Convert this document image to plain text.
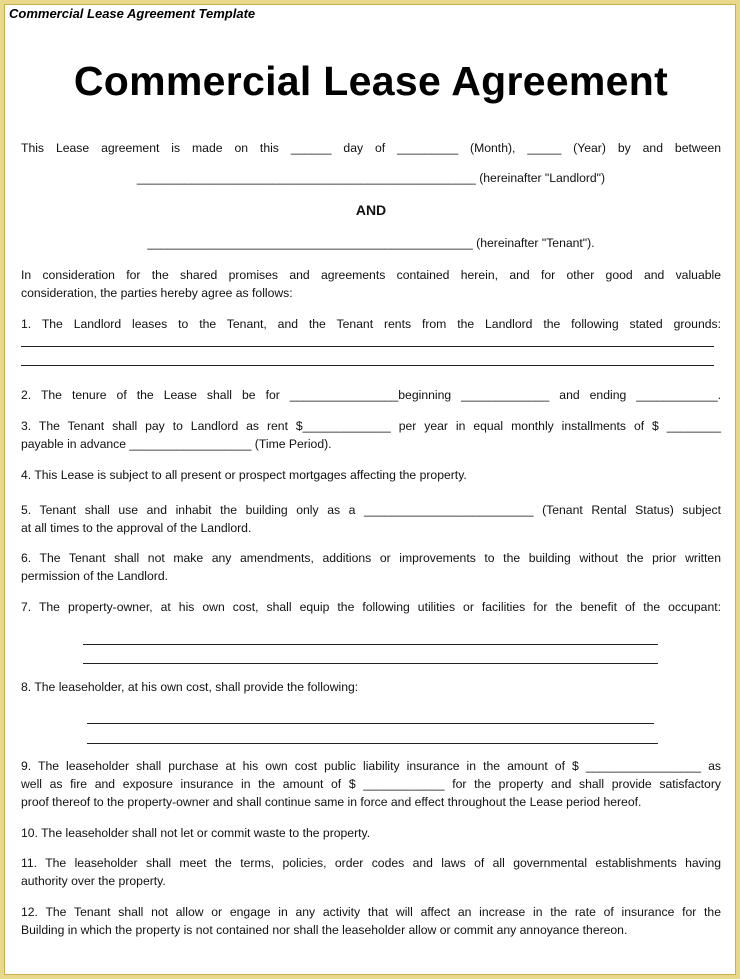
Commercial Lease Agreement Template
Commercial Lease Agreement
This Lease agreement is made on this ______ day of _________ (Month), _____ (Year) by and between
__________________________________________________ (hereinafter "Landlord")
AND
________________________________________________ (hereinafter "Tenant").
In consideration for the shared promises and agreements contained herein, and for other good and valuable
consideration, the parties hereby agree as follows:
1. The Landlord leases to the Tenant, and the Tenant rents from the Landlord the following stated grounds:
2. The tenure of the Lease shall be for ________________beginning _____________ and ending ____________.
3. The Tenant shall pay to Landlord as rent $_____________ per year in equal monthly installments of $ ________
payable in advance __________________ (Time Period).
4. This Lease is subject to all present or prospect mortgages affecting the property.
5. Tenant shall use and inhabit the building only as a _________________________ (Tenant Rental Status) subject
at all times to the approval of the Landlord.
6. The Tenant shall not make any amendments, additions or improvements to the building without the prior written
permission of the Landlord.
7. The property-owner, at his own cost, shall equip the following utilities or facilities for the benefit of the occupant:
8. The leaseholder, at his own cost, shall provide the following:
9. The leaseholder shall purchase at his own cost public liability insurance in the amount of $ _________________ as
well as fire and exposure insurance in the amount of $ ____________ for the property and shall provide satisfactory
proof thereof to the property-owner and shall continue same in force and effect throughout the Lease period hereof.
10. The leaseholder shall not let or commit waste to the property.
11. The leaseholder shall meet the terms, policies, order codes and laws of all governmental establishments having
authority over the property.
12. The Tenant shall not allow or engage in any activity that will affect an increase in the rate of insurance for the
Building in which the property is not contained nor shall the leaseholder allow or commit any annoyance thereon.
